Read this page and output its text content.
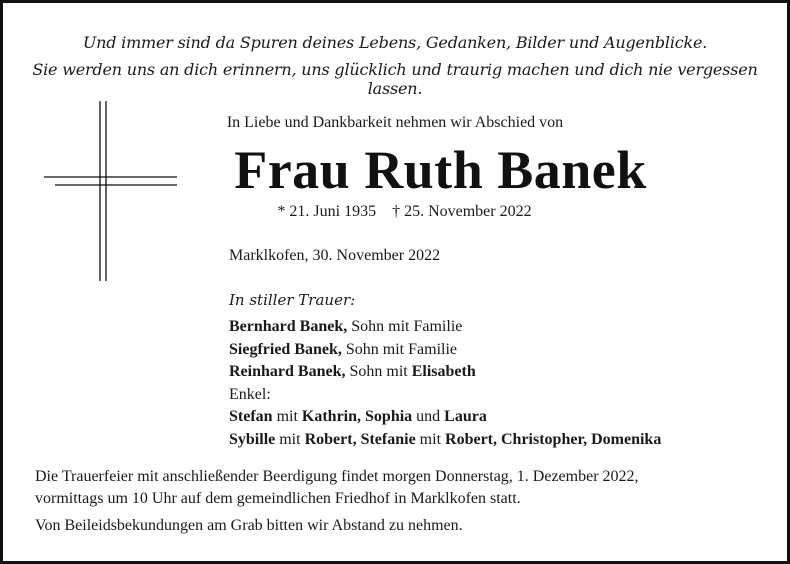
Und immer sind da Spuren deines Lebens, Gedanken, Bilder und Augenblicke.
Sie werden uns an dich erinnern, uns glücklich und traurig machen und dich nie vergessen lassen.
In Liebe und Dankbarkeit nehmen wir Abschied von
Frau Ruth Banek
* 21. Juni 1935 † 25. November 2022
Marklkofen, 30. November 2022
In stiller Trauer:
Bernhard Banek, Sohn mit Familie
Siegfried Banek, Sohn mit Familie
Reinhard Banek, Sohn mit Elisabeth
Enkel:
Stefan mit Kathrin, Sophia und Laura
Sybille mit Robert, Stefanie mit Robert, Christopher, Domenika
Die Trauerfeier mit anschließender Beerdigung findet morgen Donnerstag, 1. Dezember 2022,
vormittags um 10 Uhr auf dem gemeindlichen Friedhof in Marklkofen statt.
Von Beileidsbekundungen am Grab bitten wir Abstand zu nehmen.
